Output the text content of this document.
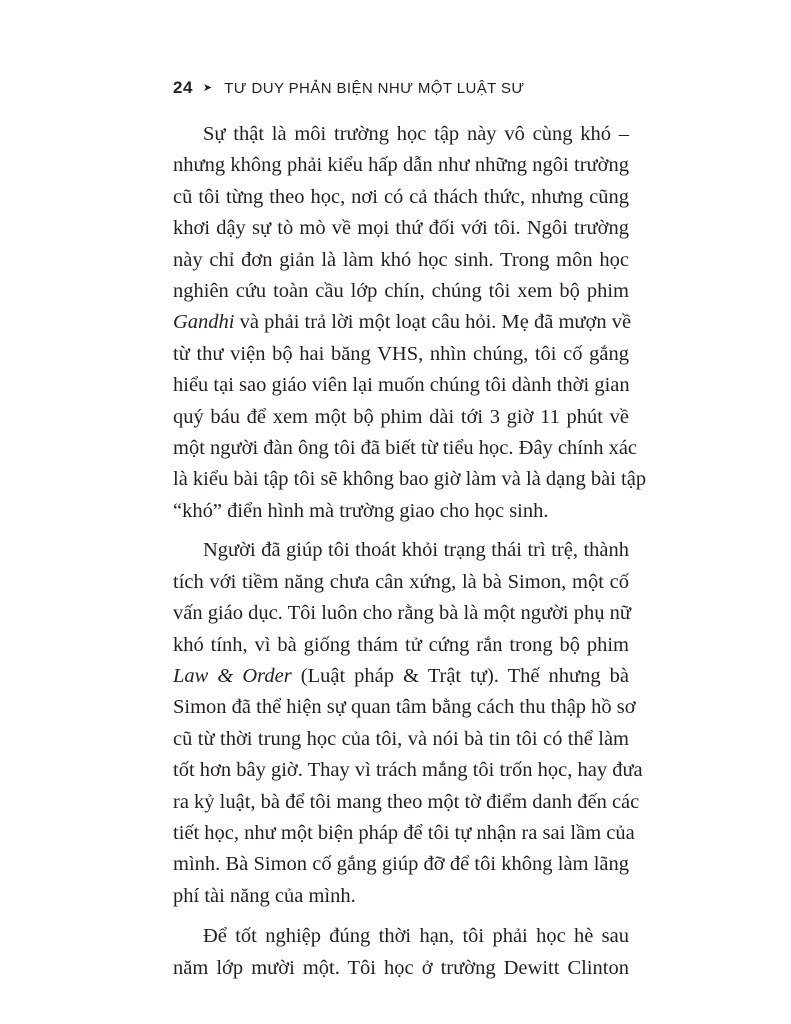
24 ➤ TƯ DUY PHẢN BIỆN NHƯ MỘT LUẬT SƯ

Sự thật là môi trường học tập này vô cùng khó –
nhưng không phải kiểu hấp dẫn như những ngôi trường
cũ tôi từng theo học, nơi có cả thách thức, nhưng cũng
khơi dậy sự tò mò về mọi thứ đối với tôi. Ngôi trường
này chỉ đơn giản là làm khó học sinh. Trong môn học
nghiên cứu toàn cầu lớp chín, chúng tôi xem bộ phim
Gandhi và phải trả lời một loạt câu hỏi. Mẹ đã mượn về
từ thư viện bộ hai băng VHS, nhìn chúng, tôi cố gắng
hiểu tại sao giáo viên lại muốn chúng tôi dành thời gian
quý báu để xem một bộ phim dài tới 3 giờ 11 phút về
một người đàn ông tôi đã biết từ tiểu học. Đây chính xác
là kiểu bài tập tôi sẽ không bao giờ làm và là dạng bài tập
“khó” điển hình mà trường giao cho học sinh.

Người đã giúp tôi thoát khỏi trạng thái trì trệ, thành
tích với tiềm năng chưa cân xứng, là bà Simon, một cố
vấn giáo dục. Tôi luôn cho rằng bà là một người phụ nữ
khó tính, vì bà giống thám tử cứng rắn trong bộ phim
Law & Order (Luật pháp & Trật tự). Thế nhưng bà
Simon đã thể hiện sự quan tâm bằng cách thu thập hồ sơ
cũ từ thời trung học của tôi, và nói bà tin tôi có thể làm
tốt hơn bây giờ. Thay vì trách mắng tôi trốn học, hay đưa
ra kỷ luật, bà để tôi mang theo một tờ điểm danh đến các
tiết học, như một biện pháp để tôi tự nhận ra sai lầm của
mình. Bà Simon cố gắng giúp đỡ để tôi không làm lãng
phí tài năng của mình.

Để tốt nghiệp đúng thời hạn, tôi phải học hè sau
năm lớp mười một. Tôi học ở trường Dewitt Clinton
